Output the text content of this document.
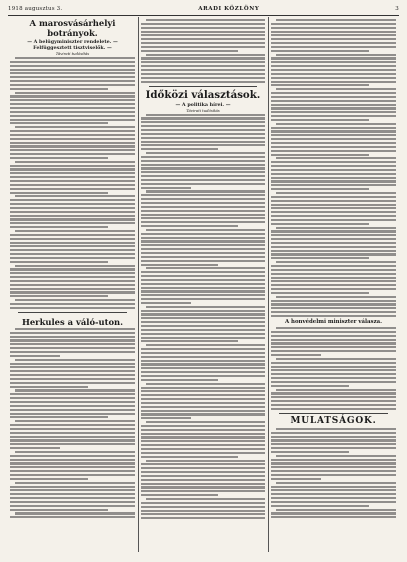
1918 augusztus 3.	ARADI KÖZLÖNY	3
A marosvásárhelyi botrányok.

— A belügyminiszter rendelete. — Felfüggesztett tisztviselők. —

Távirati tudósítás

Herkules a váló-uton.
Időközi választások.

— A politika hírei. —

Távirati tudósítás

A honvédelmi miniszter válasza.

MULATSÁGOK.
